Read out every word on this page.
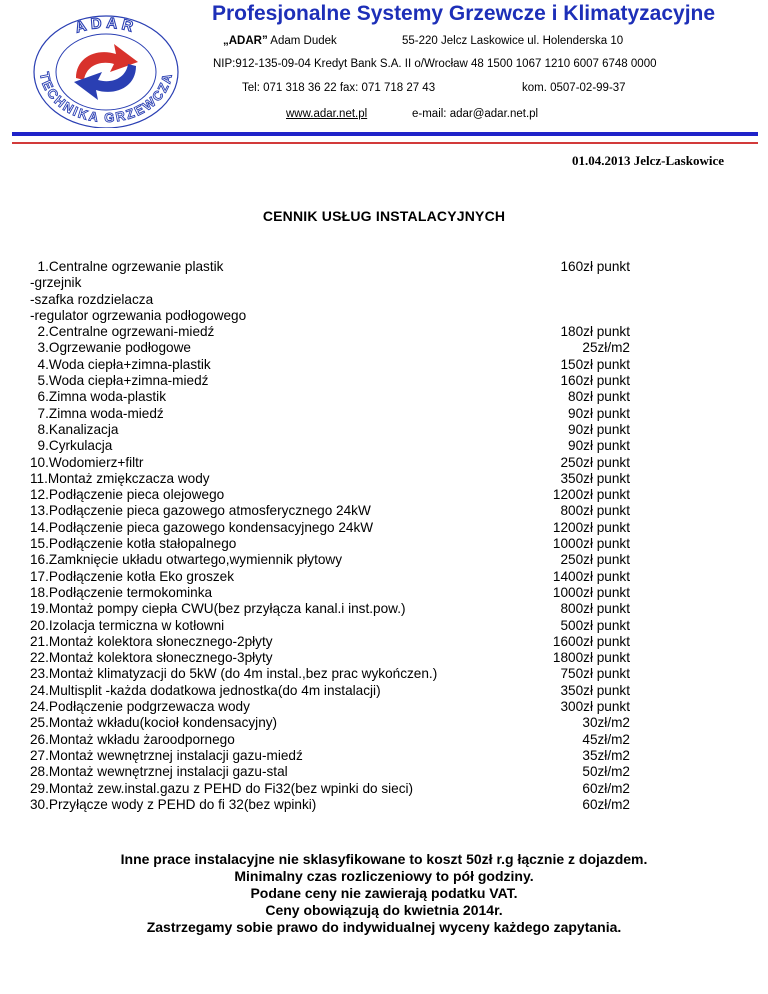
ADAR
TECHNIKA GRZEWCZA
Profesjonalne Systemy Grzewcze i Klimatyzacyjne
„ADAR” Adam Dudek	55-220 Jelcz Laskowice ul. Holenderska 10
NIP:912-135-09-04 Kredyt Bank S.A. II o/Wrocław 48 1500 1067 1210 6007 6748 0000
Tel: 071 318 36 22 fax: 071 718 27 43	kom. 0507-02-99-37
www.adar.net.pl	e-mail: adar@adar.net.pl
01.04.2013 Jelcz-Laskowice
CENNIK USŁUG INSTALACYJNYCH
1.Centralne ogrzewanie plastik	160zł punkt
-grzejnik
-szafka rozdzielacza
-regulator ogrzewania podłogowego
2.Centralne ogrzewani-miedź	180zł punkt
3.Ogrzewanie podłogowe	25zł/m2
4.Woda ciepła+zimna-plastik	150zł punkt
5.Woda ciepła+zimna-miedź	160zł punkt
6.Zimna woda-plastik	80zł punkt
7.Zimna woda-miedź	90zł punkt
8.Kanalizacja	90zł punkt
9.Cyrkulacja	90zł punkt
10.Wodomierz+filtr	250zł punkt
11.Montaż zmiękczacza wody	350zł punkt
12.Podłączenie pieca olejowego	1200zł punkt
13.Podłączenie pieca gazowego atmosferycznego 24kW	800zł punkt
14.Podłączenie pieca gazowego kondensacyjnego 24kW	1200zł punkt
15.Podłączenie kotła stałopalnego	1000zł punkt
16.Zamknięcie układu otwartego,wymiennik płytowy	250zł punkt
17.Podłączenie kotła Eko groszek	1400zł punkt
18.Podłączenie termokominka	1000zł punkt
19.Montaż pompy ciepła CWU(bez przyłącza kanal.i inst.pow.)	800zł punkt
20.Izolacja termiczna w kotłowni	500zł punkt
21.Montaż kolektora słonecznego-2płyty	1600zł punkt
22.Montaż kolektora słonecznego-3płyty	1800zł punkt
23.Montaż klimatyzacji do 5kW (do 4m instal.,bez prac wykończen.)	750zł punkt
24.Multisplit -każda dodatkowa jednostka(do 4m instalacji)	350zł punkt
24.Podłączenie podgrzewacza wody	300zł punkt
25.Montaż wkładu(kocioł kondensacyjny)	30zł/m2
26.Montaż wkładu żaroodpornego	45zł/m2
27.Montaż wewnętrznej instalacji gazu-miedź	35zł/m2
28.Montaż wewnętrznej instalacji gazu-stal	50zł/m2
29.Montaż zew.instal.gazu z PEHD do Fi32(bez wpinki do sieci)	60zł/m2
30.Przyłącze wody z PEHD do fi 32(bez wpinki)	60zł/m2
Inne prace instalacyjne nie sklasyfikowane to koszt 50zł r.g łącznie z dojazdem.
Minimalny czas rozliczeniowy to pół godziny.
Podane ceny nie zawierają podatku VAT.
Ceny obowiązują do kwietnia 2014r.
Zastrzegamy sobie prawo do indywidualnej wyceny każdego zapytania.
